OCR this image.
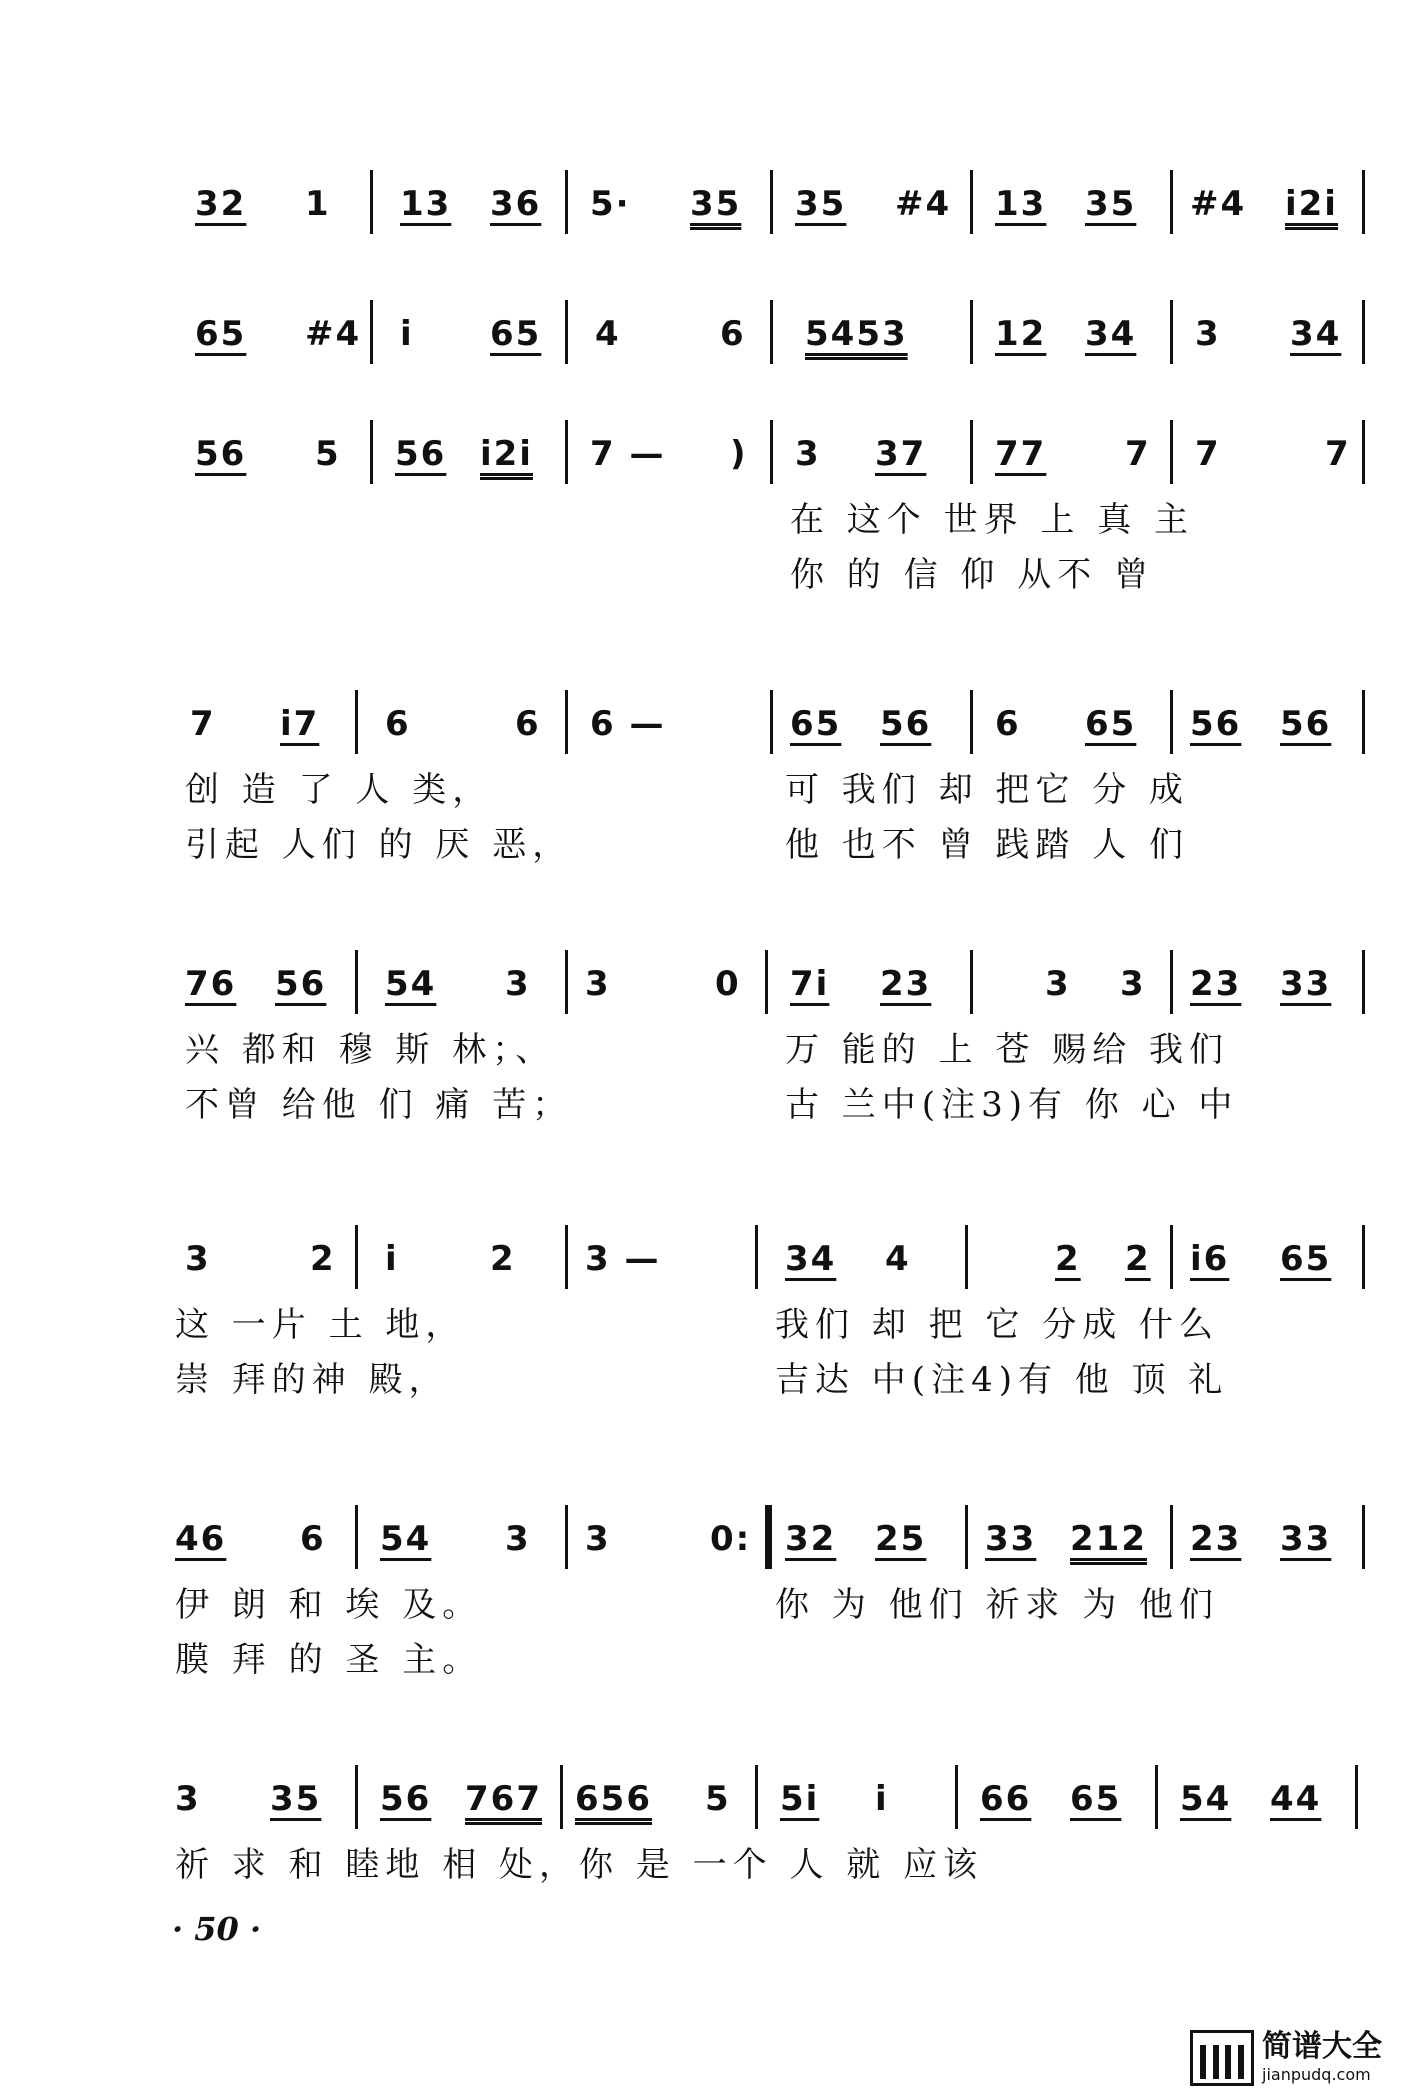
32 1 13 36 5· 35 35 #4 13 35 #4 i2i
65 #4 i 65 4	6 5453	12 34 3 34
56 5 56 i2i 7 — ) 3 37 77 7 7	7
在 这个 世界 上 真 主
你 的 信 仰 从不 曾
7 i7 6	6 6 —	65 56 6 65 56 56
创 造 了 人 类，	可 我们 却 把它 分 成
引起 人们 的 厌 恶，	他 也不 曾 践踏 人 们
76 56 54 3 3	0 7i 23	3 3 23 33
兴 都和 穆 斯 林；、	万 能的 上 苍 赐给 我们
不曾 给他 们 痛 苦；	古 兰中(注3)有 你 心 中
3	2 i	2 3 —	34 4	2 2 i6 65
这 一片 土 地，	我们 却 把 它 分成 什么
崇 拜的神 殿，	吉达 中(注4)有 他 顶 礼
46 6 54 3 3	0: 32 25 33 212 23 33
伊 朗 和 埃 及。	你 为 他们 祈求 为 他们
膜 拜 的 圣 主。
3 35 56 767 656 5 5i i	66 65 54 44
祈 求 和 睦地 相 处，你 是 一个 人 就 应该
· 50 ·
简谱大全
jianpudq.com
